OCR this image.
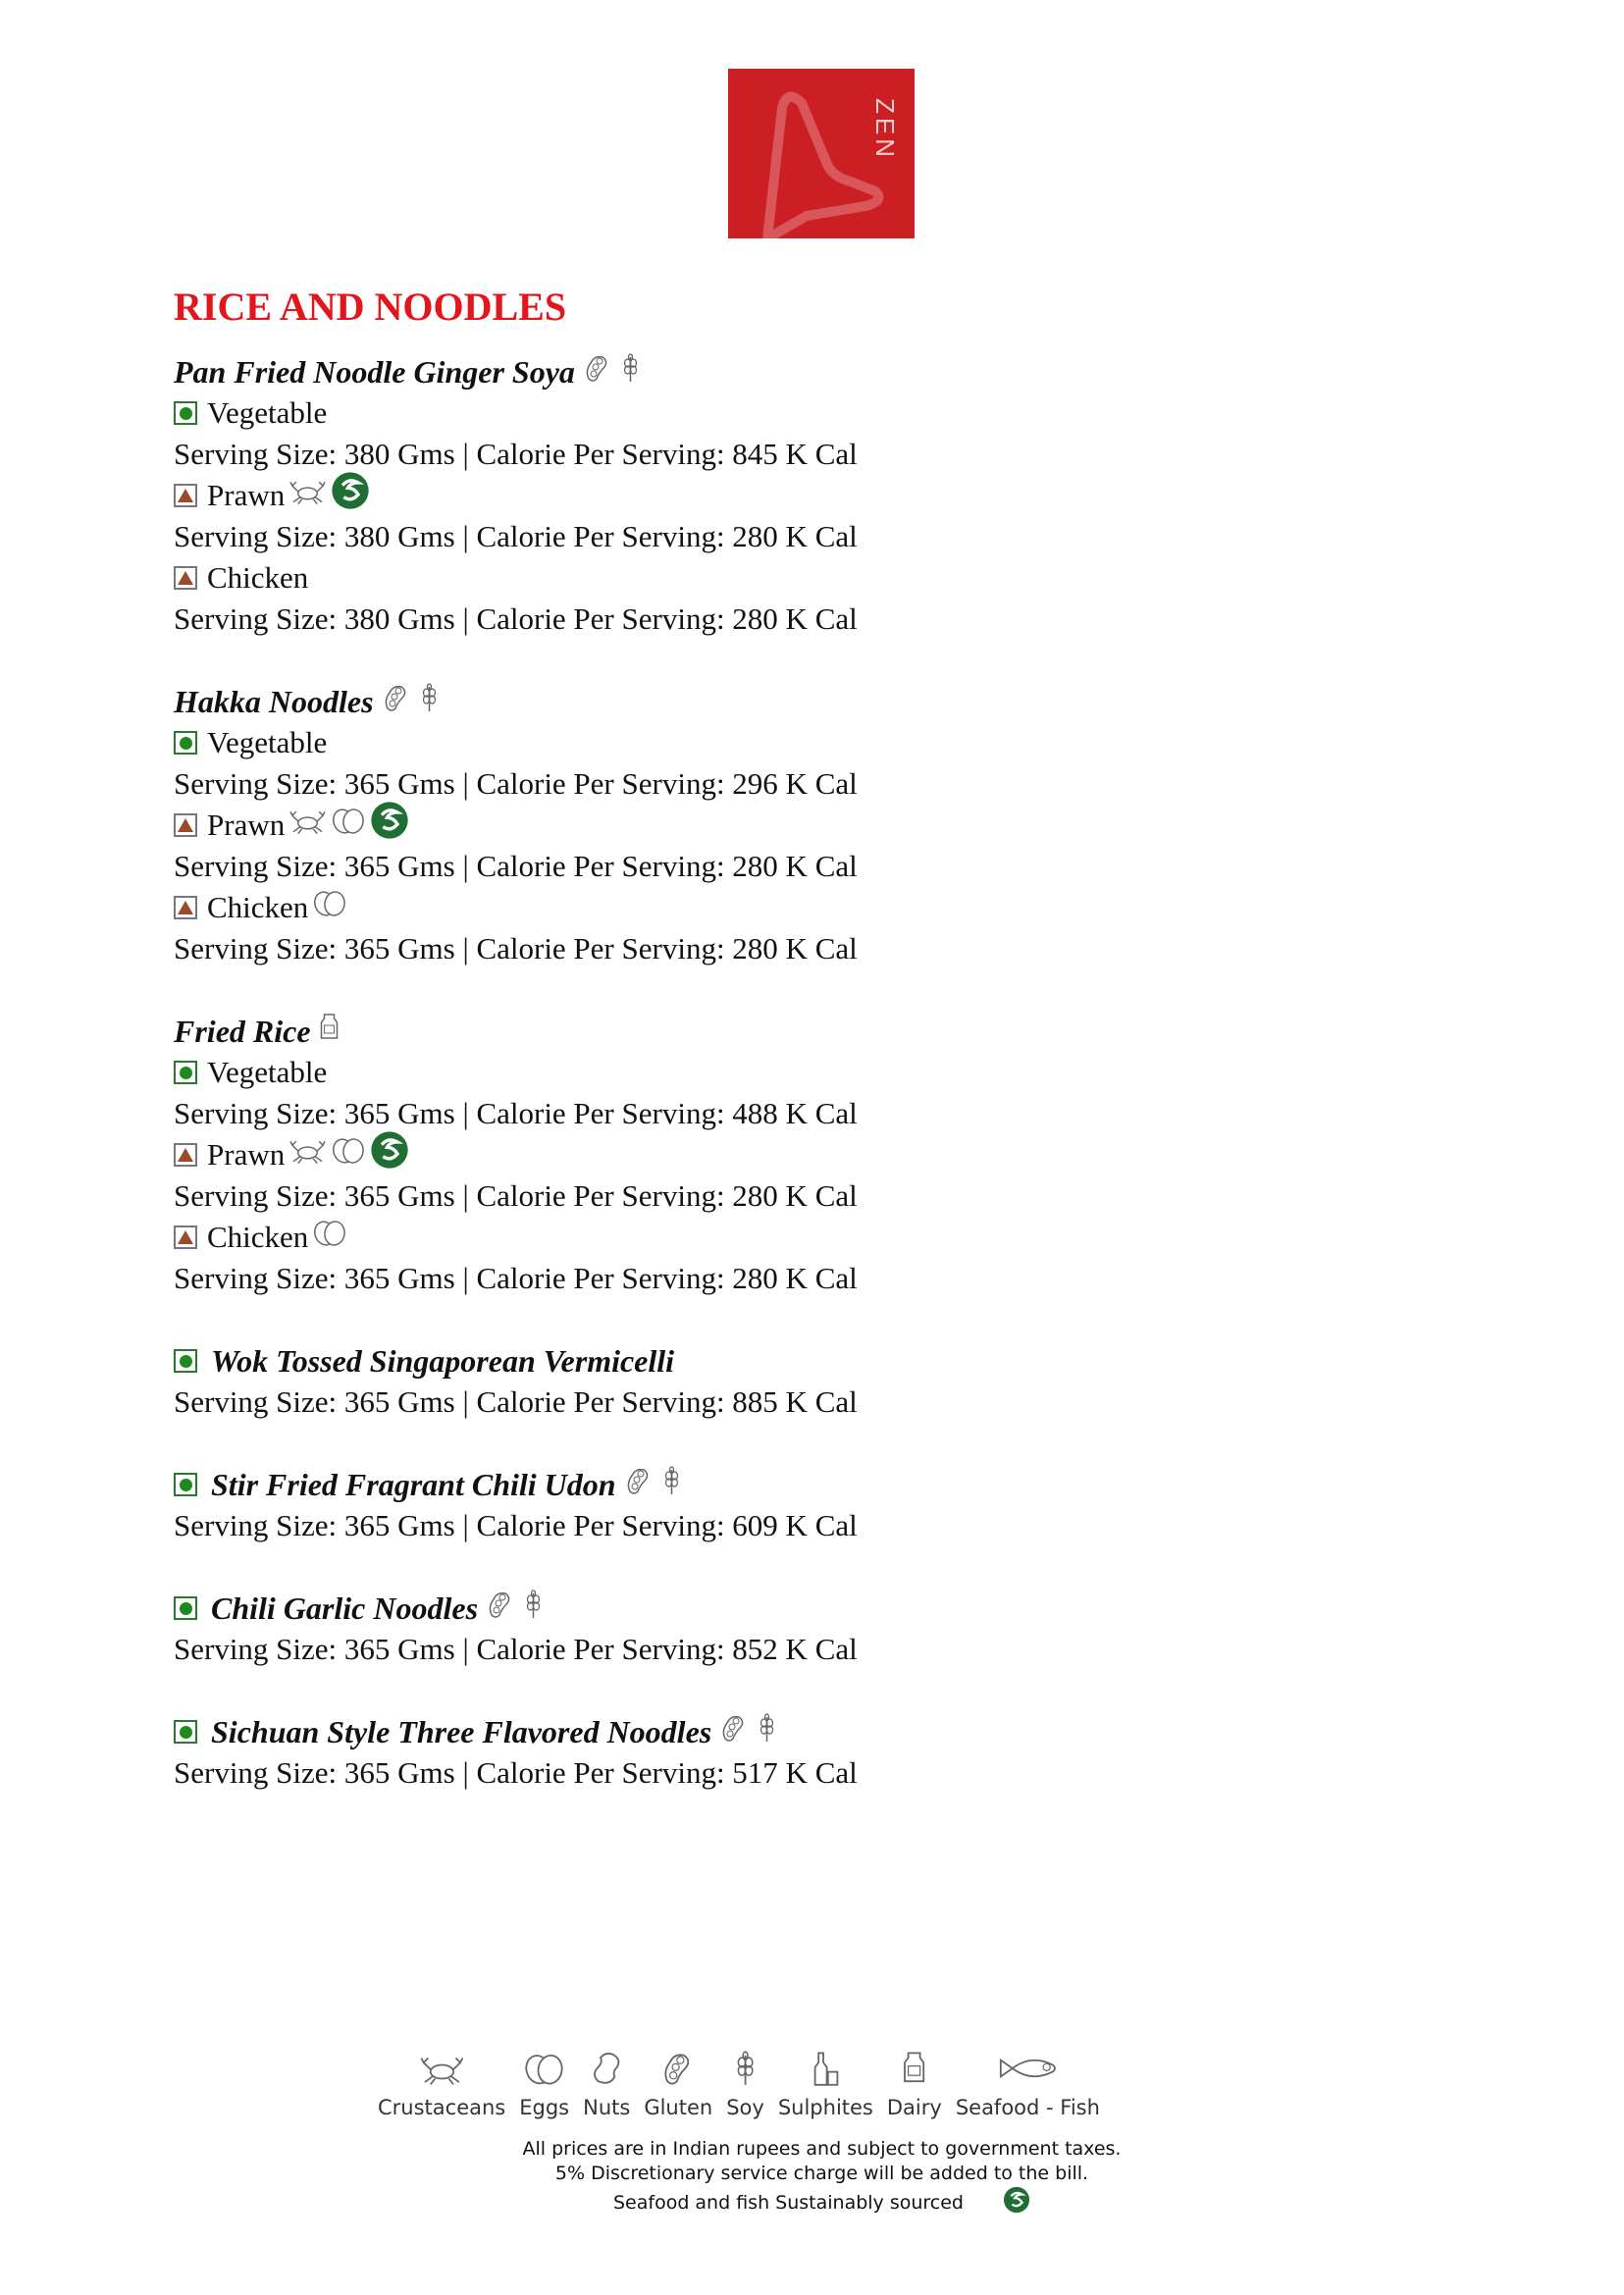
ZEN
RICE AND NOODLES
Pan Fried Noodle Ginger Soya
Vegetable
Serving Size: 380 Gms | Calorie Per Serving: 845 K Cal
Prawn
Serving Size: 380 Gms | Calorie Per Serving: 280 K Cal
Chicken
Serving Size: 380 Gms | Calorie Per Serving: 280 K Cal
Hakka Noodles
Vegetable
Serving Size: 365 Gms | Calorie Per Serving: 296 K Cal
Prawn
Serving Size: 365 Gms | Calorie Per Serving: 280 K Cal
Chicken
Serving Size: 365 Gms | Calorie Per Serving: 280 K Cal
Fried Rice
Vegetable
Serving Size: 365 Gms | Calorie Per Serving: 488 K Cal
Prawn
Serving Size: 365 Gms | Calorie Per Serving: 280 K Cal
Chicken
Serving Size: 365 Gms | Calorie Per Serving: 280 K Cal
Wok Tossed Singaporean Vermicelli
Serving Size: 365 Gms | Calorie Per Serving: 885 K Cal
Stir Fried Fragrant Chili Udon
Serving Size: 365 Gms | Calorie Per Serving: 609 K Cal
Chili Garlic Noodles
Serving Size: 365 Gms | Calorie Per Serving: 852 K Cal
Sichuan Style Three Flavored Noodles
Serving Size: 365 Gms | Calorie Per Serving: 517 K Cal
Crustaceans Eggs Nuts Gluten Soy Sulphites Dairy Seafood - Fish
All prices are in Indian rupees and subject to government taxes.
5% Discretionary service charge will be added to the bill.
Seafood and fish Sustainably sourced
